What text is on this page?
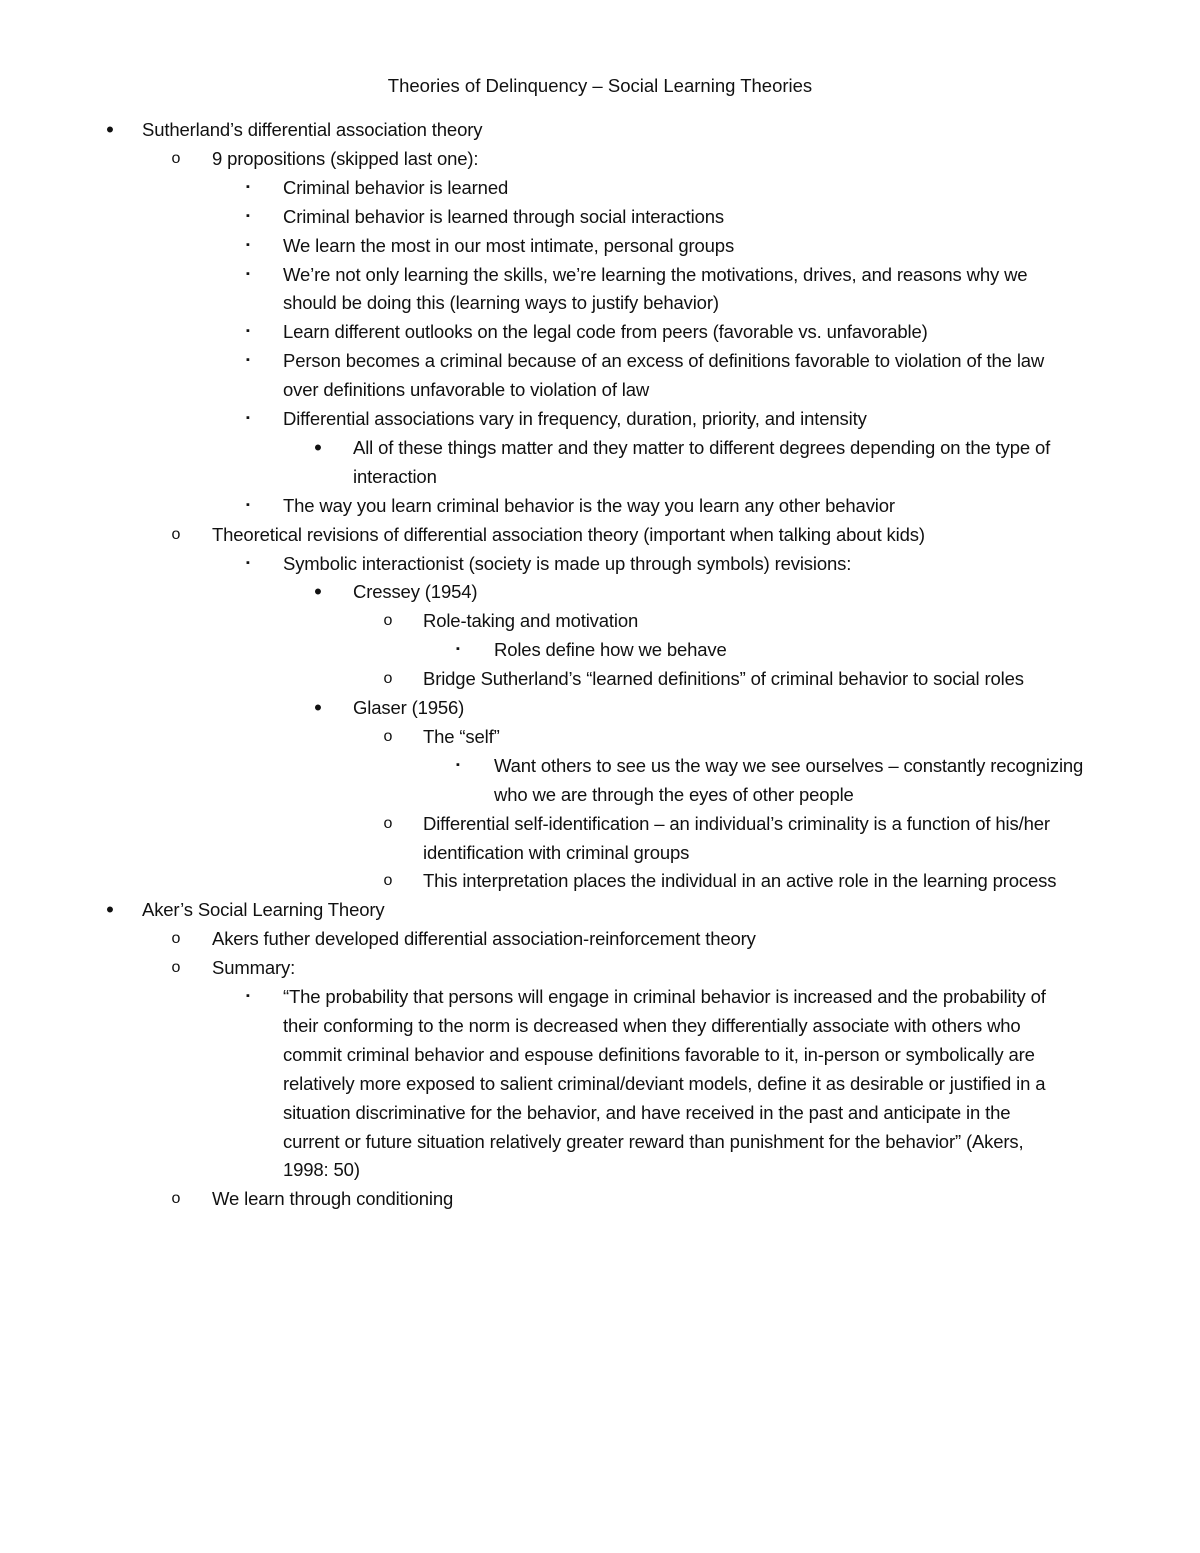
Theories of Delinquency – Social Learning Theories
•	Sutherland’s differential association theory
o 9 propositions (skipped last one):
▪	Criminal behavior is learned
▪	Criminal behavior is learned through social interactions
▪	We learn the most in our most intimate, personal groups
▪	We’re not only learning the skills, we’re learning the motivations, drives, and reasons why we
should be doing this (learning ways to justify behavior)
▪	Learn different outlooks on the legal code from peers (favorable vs. unfavorable)
▪	Person becomes a criminal because of an excess of definitions favorable to violation of the law
over definitions unfavorable to violation of law
▪	Differential associations vary in frequency, duration, priority, and intensity
•	All of these things matter and they matter to different degrees depending on the type of
interaction
▪	The way you learn criminal behavior is the way you learn any other behavior
o Theoretical revisions of differential association theory (important when talking about kids)
▪	Symbolic interactionist (society is made up through symbols) revisions:
•	Cressey (1954)
o Role-taking and motivation
▪	Roles define how we behave
o Bridge Sutherland’s “learned definitions” of criminal behavior to social roles
•	Glaser (1956)
o The “self”
▪	Want others to see us the way we see ourselves – constantly recognizing
who we are through the eyes of other people
o Differential self-identification – an individual’s criminality is a function of his/her
identification with criminal groups
o This interpretation places the individual in an active role in the learning process
•	Aker’s Social Learning Theory
o Akers futher developed differential association-reinforcement theory
o Summary:
▪	“The probability that persons will engage in criminal behavior is increased and the probability of
their conforming to the norm is decreased when they differentially associate with others who
commit criminal behavior and espouse definitions favorable to it, in-person or symbolically are
relatively more exposed to salient criminal/deviant models, define it as desirable or justified in a
situation discriminative for the behavior, and have received in the past and anticipate in the
current or future situation relatively greater reward than punishment for the behavior” (Akers,
1998: 50)
o We learn through conditioning
